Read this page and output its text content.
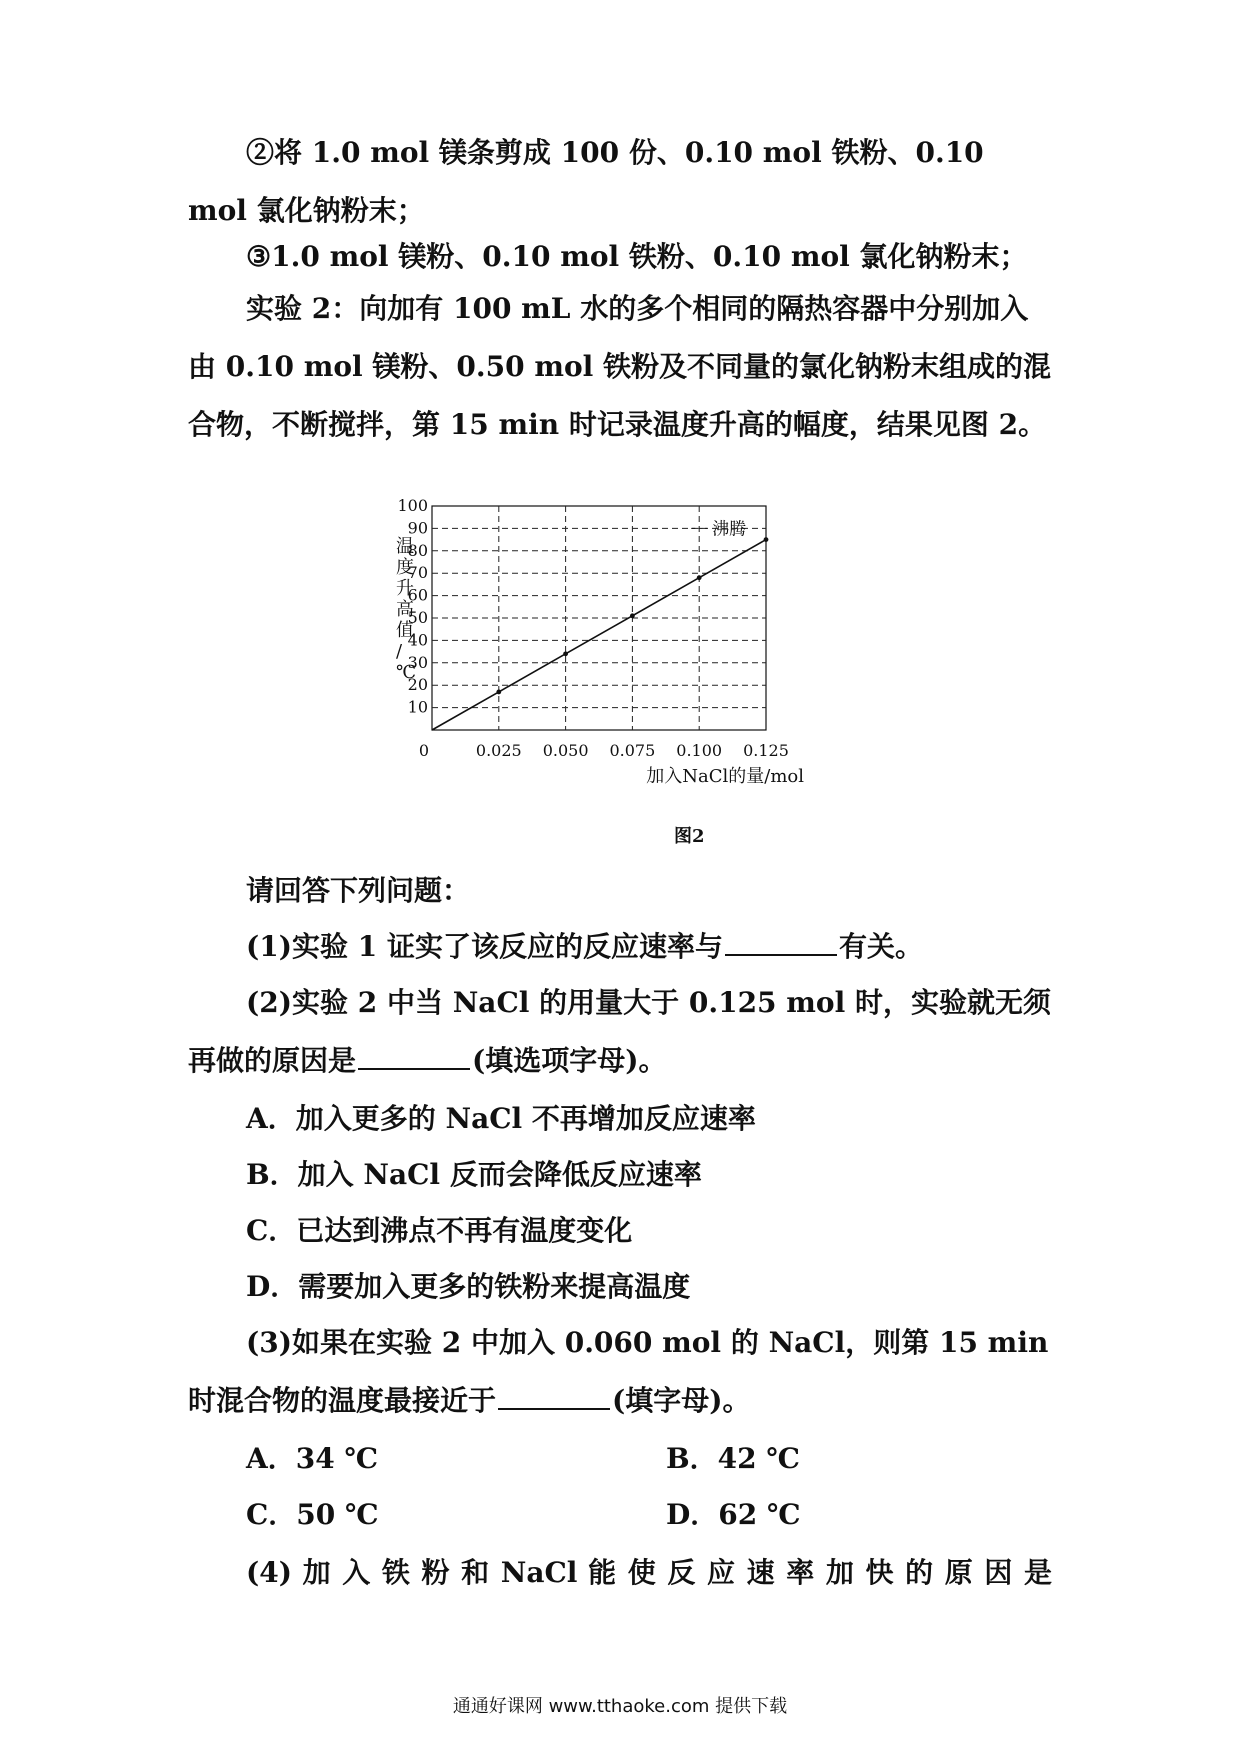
②将 1.0 mol 镁条剪成 100 份、0.10 mol 铁粉、0.10 mol 氯化钠粉末；

③1.0 mol 镁粉、0.10 mol 铁粉、0.10 mol 氯化钠粉末；

实验 2：向加有 100 mL 水的多个相同的隔热容器中分别加入由 0.10 mol 镁粉、0.50 mol 铁粉及不同量的氯化钠粉末组成的混合物，不断搅拌，第 15 min 时记录温度升高的幅度，结果见图 2。

10
20
30
40
50
60
70
80
90
100
0	0.025 0.050 0.075 0.100 0.125
沸腾
温度升高值/ ℃
加入NaCl的量/mol
图2

请回答下列问题：

(1)实验 1 证实了该反应的反应速率与	有关。

(2)实验 2 中当 NaCl 的用量大于 0.125 mol 时，实验就无须再做的原因是	(填选项字母)。

A．加入更多的 NaCl 不再增加反应速率
B．加入 NaCl 反而会降低反应速率
C．已达到沸点不再有温度变化
D．需要加入更多的铁粉来提高温度

(3)如果在实验 2 中加入 0.060 mol 的 NaCl，则第 15 min 时混合物的温度最接近于	(填字母)。

A．34 ℃	B．42 ℃
C．50 ℃	D．62 ℃

(4) 加 入 铁 粉 和 NaCl 能 使 反 应 速 率 加 快 的 原 因 是

通通好课网 www.tthaoke.com 提供下载
